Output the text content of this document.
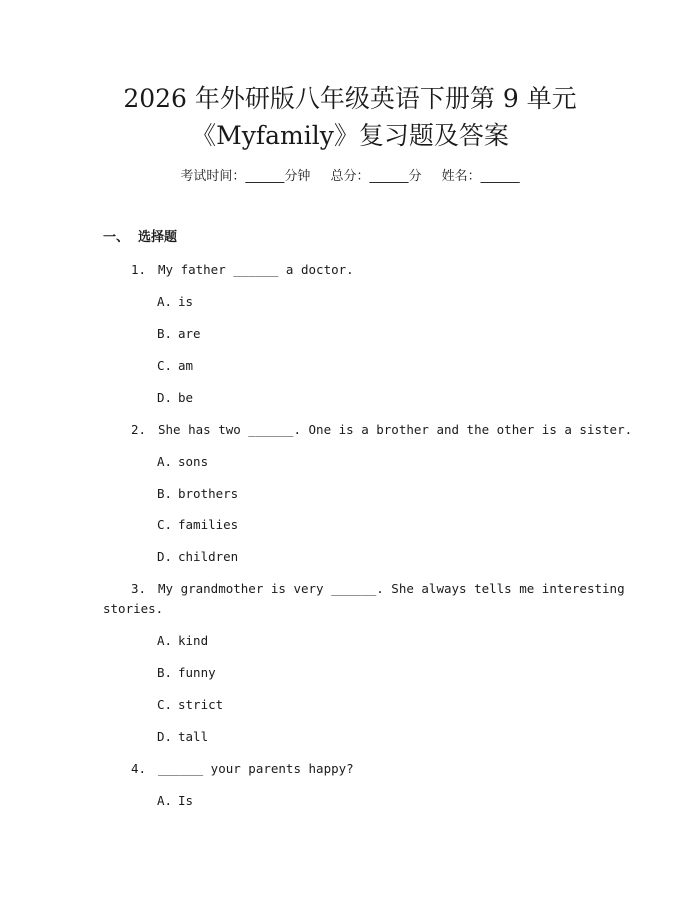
2026 年外研版八年级英语下册第 9 单元
《Myfamily》复习题及答案
考试时间：______分钟 总分：______分 姓名：______
一、 选择题
1. My father ______ a doctor.
A. is
B. are
C. am
D. be
2. She has two ______. One is a brother and the other is a sister.
A. sons
B. brothers
C. families
D. children
3. My grandmother is very ______. She always tells me interesting
stories.
A. kind
B. funny
C. strict
D. tall
4. ______ your parents happy?
A. Is
